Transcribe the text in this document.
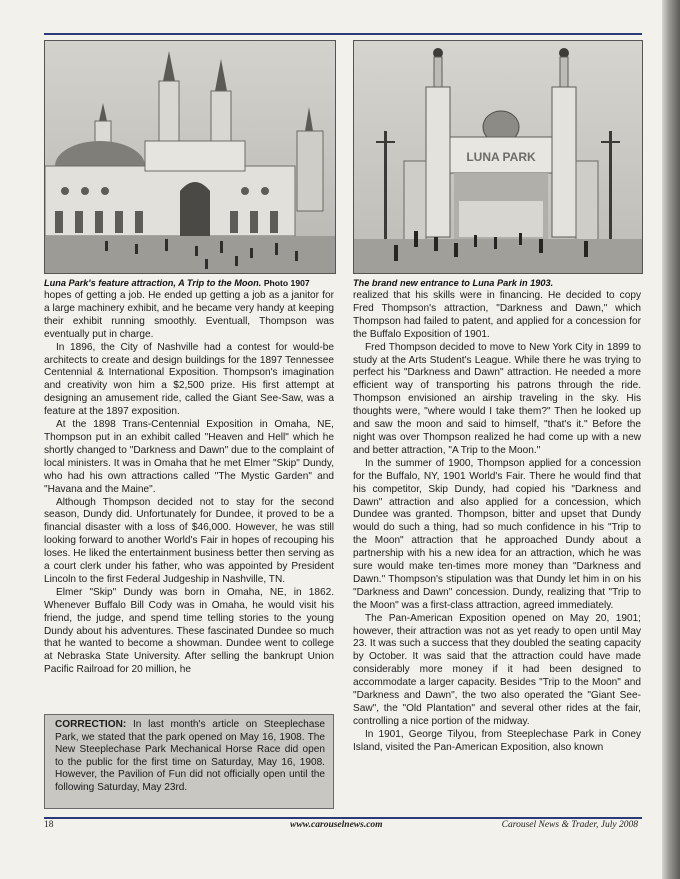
LUNA PARK
Luna Park's feature attraction, A Trip to the Moon. Photo 1907	The brand new entrance to Luna Park in 1903.

hopes of getting a job. He ended up getting a job as a janitor for a large machinery exhibit, and he became very handy at keeping their exhibit running smoothly. Eventuall, Thompson was eventually put in charge.

In 1896, the City of Nashville had a contest for would-be architects to create and design buildings for the 1897 Tennessee Centennial & International Exposition. Thompson's imagination and creativity won him a $2,500 prize. His first attempt at designing an amusement ride, called the Giant See-Saw, was a feature at the 1897 exposition.

At the 1898 Trans-Centennial Exposition in Omaha, NE, Thompson put in an exhibit called "Heaven and Hell" which he shortly changed to "Darkness and Dawn" due to the complaint of local ministers. It was in Omaha that he met Elmer "Skip" Dundy, who had his own attractions called "The Mystic Garden" and "Havana and the Maine".

Although Thompson decided not to stay for the second season, Dundy did. Unfortunately for Dundee, it proved to be a financial disaster with a loss of $46,000. However, he was still looking forward to another World's Fair in hopes of recouping his loses. He liked the entertainment business better then serving as a court clerk under his father, who was appointed by President Lincoln to the first Federal Judgeship in Nashville, TN.

Elmer "Skip" Dundy was born in Omaha, NE, in 1862. Whenever Buffalo Bill Cody was in Omaha, he would visit his friend, the judge, and spend time telling stories to the young Dundy about his adventures. These fascinated Dundee so much that he wanted to become a showman. Dundee went to college at Nebraska State University. After selling the bankrupt Union Pacific Railroad for 20 million, he

CORRECTION: In last month's article on Steeplechase Park, we stated that the park opened on May 16, 1908. The New Steeplechase Park Mechanical Horse Race did open to the public for the first time on Saturday, May 16, 1908. However, the Pavilion of Fun did not officially open until the following Saturday, May 23rd.

realized that his skills were in financing. He decided to copy Fred Thompson's attraction, "Darkness and Dawn," which Thompson had failed to patent, and applied for a concession for the Buffalo Exposition of 1901.

Fred Thompson decided to move to New York City in 1899 to study at the Arts Student's League. While there he was trying to perfect his "Darkness and Dawn" attraction. He needed a more efficient way of transporting his patrons through the ride. Thompson envisioned an airship traveling in the sky. His thoughts were, "where would I take them?" Then he looked up and saw the moon and said to himself, "that's it." Before the night was over Thompson realized he had come up with a new and better attraction, "A Trip to the Moon."

In the summer of 1900, Thompson applied for a concession for the Buffalo, NY, 1901 World's Fair. There he would find that his competitor, Skip Dundy, had copied his "Darkness and Dawn" attraction and also applied for a concession, which Dundee was granted. Thompson, bitter and upset that Dundy would do such a thing, had so much confidence in his "Trip to the Moon" attraction that he approached Dundy about a partnership with his a new idea for an attraction, which he was sure would make ten-times more money than "Darkness and Dawn." Thompson's stipulation was that Dundy let him in on his "Darkness and Dawn" concession. Dundy, realizing that "Trip to the Moon" was a first-class attraction, agreed immediately.

The Pan-American Exposition opened on May 20, 1901; however, their attraction was not as yet ready to open until May 23. It was such a success that they doubled the seating capacity by October. It was said that the attraction could have made considerably more money if it had been designed to accommodate a larger capacity. Besides "Trip to the Moon" and "Darkness and Dawn", the two also operated the "Giant See-Saw", the "Old Plantation" and several other rides at the fair, controlling a nice portion of the midway.

In 1901, George Tilyou, from Steeplechase Park in Coney Island, visited the Pan-American Exposition, also known

18	www.carouselnews.com	Carousel News & Trader, July 2008
